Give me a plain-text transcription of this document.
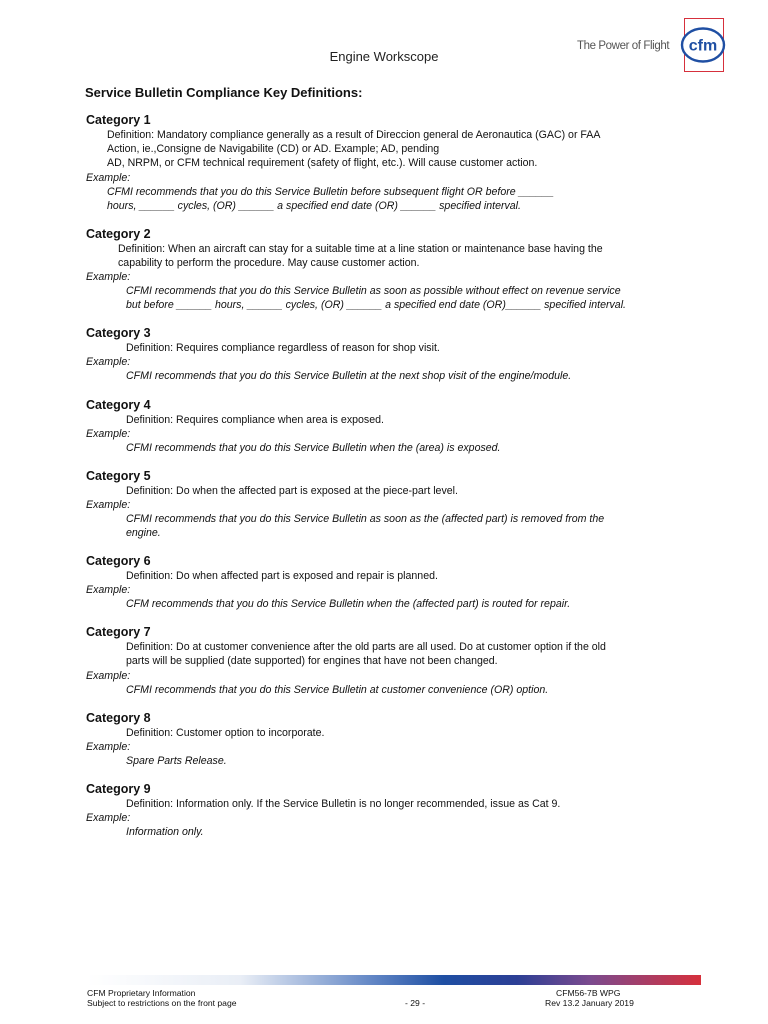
Engine Workscope
The Power of Flight cfm
Service Bulletin Compliance Key Definitions:
Category 1
Definition: Mandatory compliance generally as a result of Direccion general de Aeronautica (GAC) or FAA
Action, ie.,Consigne de Navigabilite (CD) or AD. Example; AD, pending
AD, NRPM, or CFM technical requirement (safety of flight, etc.). Will cause customer action.
Example:
CFMI recommends that you do this Service Bulletin before subsequent flight OR before ______
hours, ______ cycles, (OR) ______ a specified end date (OR) ______ specified interval.
Category 2
Definition: When an aircraft can stay for a suitable time at a line station or maintenance base having the
capability to perform the procedure. May cause customer action.
Example:
CFMI recommends that you do this Service Bulletin as soon as possible without effect on revenue service
but before ______ hours, ______ cycles, (OR) ______ a specified end date (OR)______ specified interval.
Category 3
Definition: Requires compliance regardless of reason for shop visit.
Example:
CFMI recommends that you do this Service Bulletin at the next shop visit of the engine/module.
Category 4
Definition: Requires compliance when area is exposed.
Example:
CFMI recommends that you do this Service Bulletin when the (area) is exposed.
Category 5
Definition: Do when the affected part is exposed at the piece-part level.
Example:
CFMI recommends that you do this Service Bulletin as soon as the (affected part) is removed from the
engine.
Category 6
Definition: Do when affected part is exposed and repair is planned.
Example:
CFM recommends that you do this Service Bulletin when the (affected part) is routed for repair.
Category 7
Definition: Do at customer convenience after the old parts are all used. Do at customer option if the old
parts will be supplied (date supported) for engines that have not been changed.
Example:
CFMI recommends that you do this Service Bulletin at customer convenience (OR) option.
Category 8
Definition: Customer option to incorporate.
Example:
Spare Parts Release.
Category 9
Definition: Information only. If the Service Bulletin is no longer recommended, issue as Cat 9.
Example:
Information only.
CFM Proprietary Information
Subject to restrictions on the front page	- 29 -
CFM56-7B WPG
Rev 13.2 January 2019
